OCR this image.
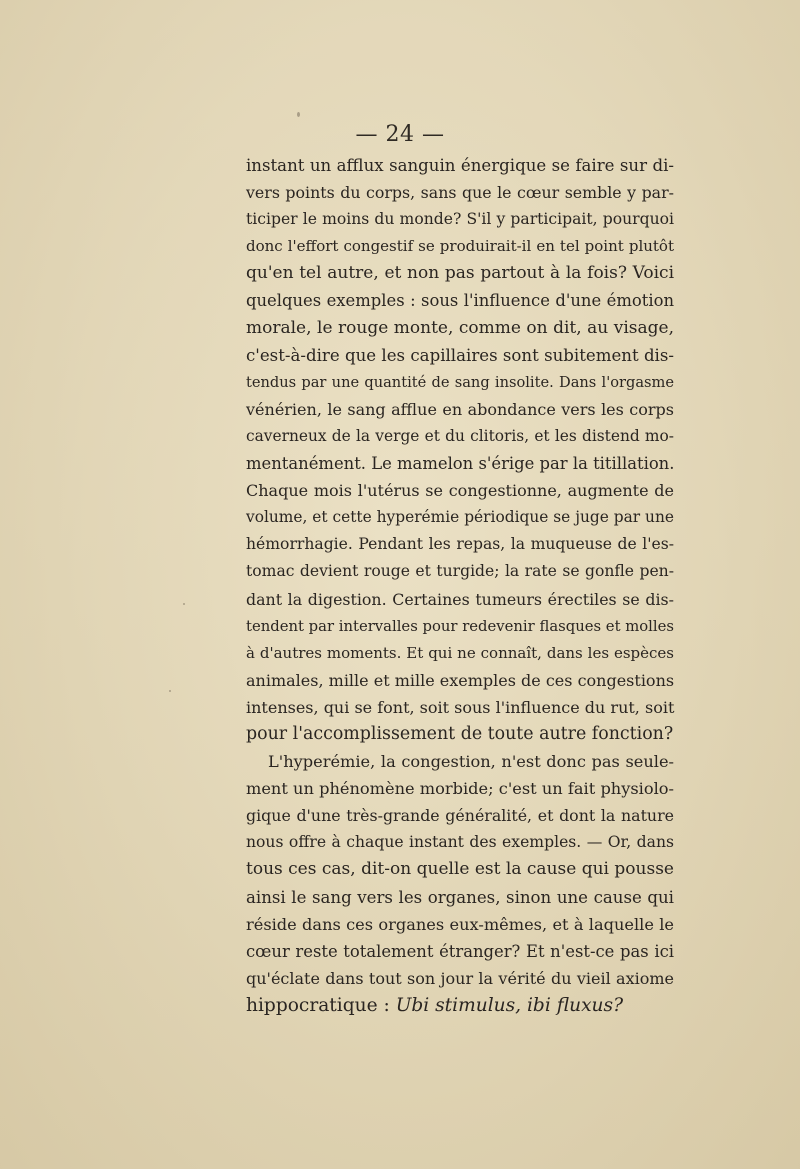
— 24 —
instant un afflux sanguin énergique se faire sur di-
vers points du corps, sans que le cœur semble y par-
ticiper le moins du monde? S'il y participait, pourquoi
donc l'effort congestif se produirait-il en tel point plutôt
qu'en tel autre, et non pas partout à la fois? Voici
quelques exemples : sous l'influence d'une émotion
morale, le rouge monte, comme on dit, au visage,
c'est-à-dire que les capillaires sont subitement dis-
tendus par une quantité de sang insolite. Dans l'orgasme
vénérien, le sang afflue en abondance vers les corps
caverneux de la verge et du clitoris, et les distend mo-
mentanément. Le mamelon s'érige par la titillation.
Chaque mois l'utérus se congestionne, augmente de
volume, et cette hyperémie périodique se juge par une
hémorrhagie. Pendant les repas, la muqueuse de l'es-
tomac devient rouge et turgide; la rate se gonfle pen-
dant la digestion. Certaines tumeurs érectiles se dis-
tendent par intervalles pour redevenir flasques et molles
à d'autres moments. Et qui ne connaît, dans les espèces
animales, mille et mille exemples de ces congestions
intenses, qui se font, soit sous l'influence du rut, soit
pour l'accomplissement de toute autre fonction?
L'hyperémie, la congestion, n'est donc pas seule-
ment un phénomène morbide; c'est un fait physiolo-
gique d'une très-grande généralité, et dont la nature
nous offre à chaque instant des exemples. — Or, dans
tous ces cas, dit-on quelle est la cause qui pousse
ainsi le sang vers les organes, sinon une cause qui
réside dans ces organes eux-mêmes, et à laquelle le
cœur reste totalement étranger? Et n'est-ce pas ici
qu'éclate dans tout son jour la vérité du vieil axiome
hippocratique : Ubi stimulus, ibi fluxus?
